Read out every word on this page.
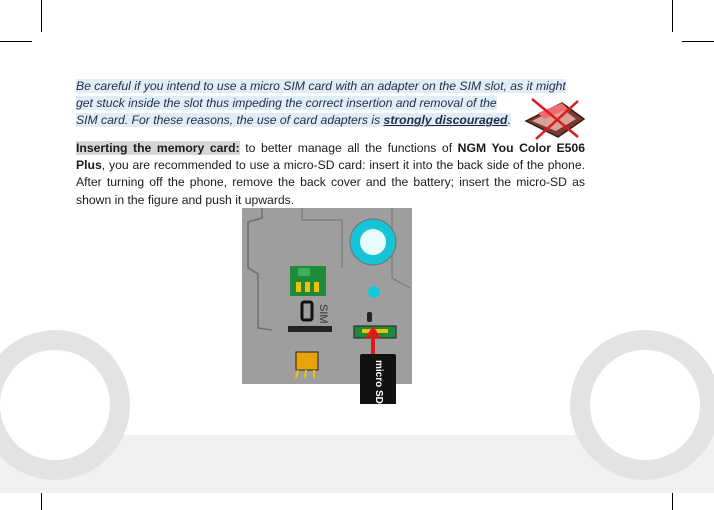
Be careful if you intend to use a micro SIM card with an adapter on the SIM slot, as it might
get stuck inside the slot thus impeding the correct insertion and removal of the
SIM card. For these reasons, the use of card adapters is strongly discouraged.
Inserting the memory card: to better manage all the functions of NGM You Color E506 Plus, you are recommended to use a micro-SD card: insert it into the back side of the phone. After turning off the phone, remove the back cover and the battery; insert the micro-SD as shown in the figure and push it upwards.
SIM
micro SD
